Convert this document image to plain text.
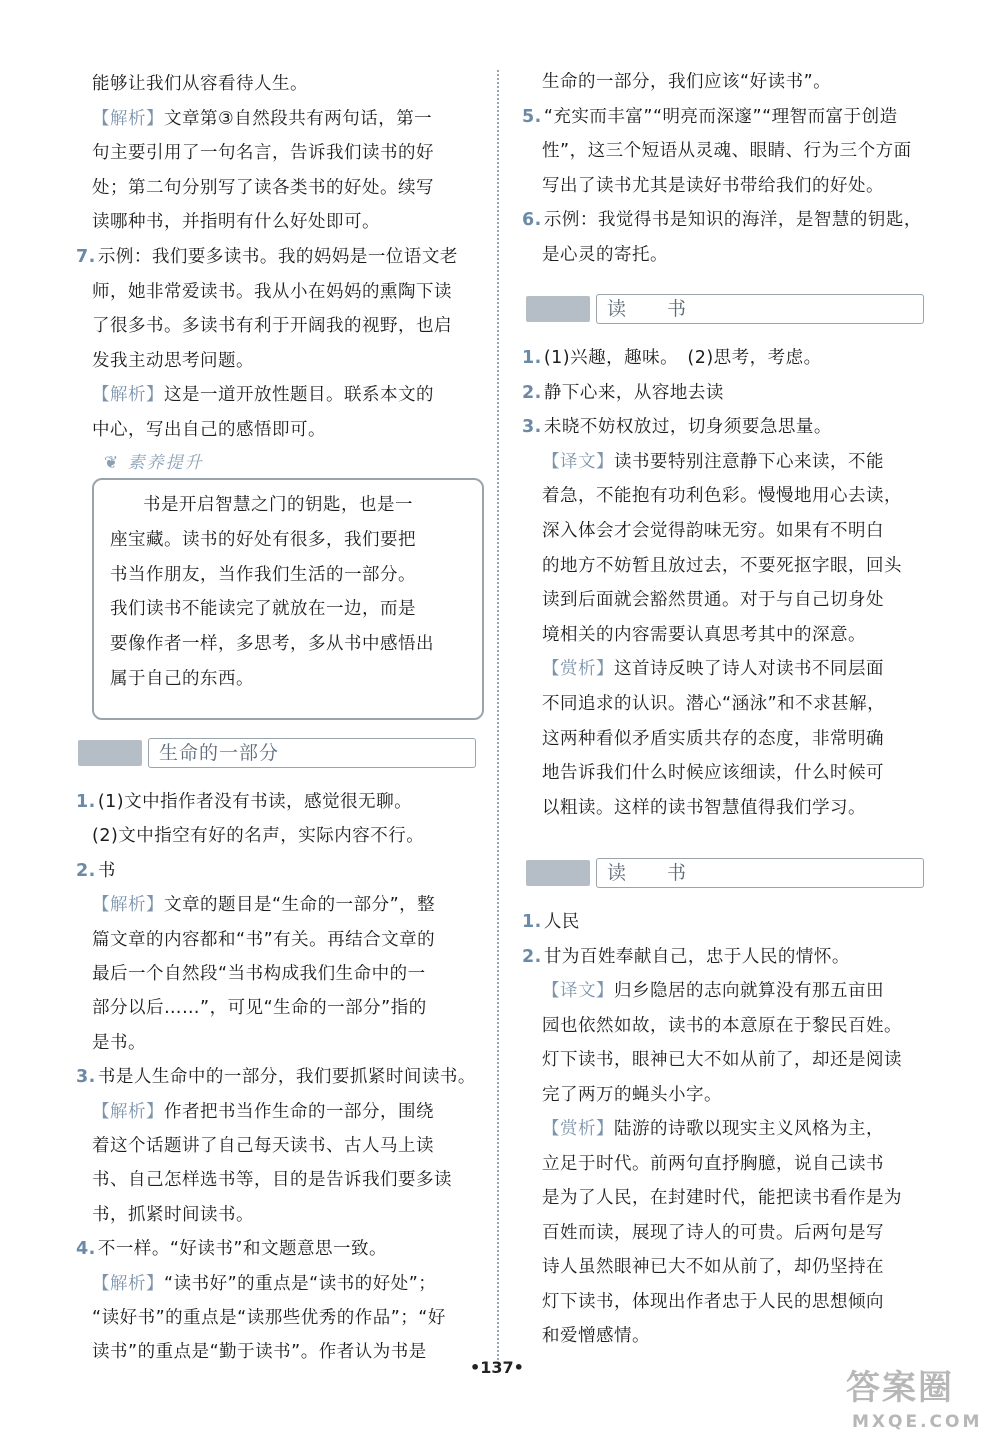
❦ 素养提升
生命的一部分
读　　书
读　　书
•137•
答案圈
MXQE.COM
能够让我们从容看待人生。
【解析】文章第③自然段共有两句话，第一
句主要引用了一句名言，告诉我们读书的好
处；第二句分别写了读各类书的好处。续写
读哪种书，并指明有什么好处即可。
7. 示例：我们要多读书。我的妈妈是一位语文老
师，她非常爱读书。我从小在妈妈的熏陶下读
了很多书。多读书有利于开阔我的视野，也启
发我主动思考问题。
【解析】这是一道开放性题目。联系本文的
中心，写出自己的感悟即可。
书是开启智慧之门的钥匙，也是一
座宝藏。读书的好处有很多，我们要把
书当作朋友，当作我们生活的一部分。
我们读书不能读完了就放在一边，而是
要像作者一样，多思考，多从书中感悟出
属于自己的东西。
1. (1)文中指作者没有书读，感觉很无聊。
(2)文中指空有好的名声，实际内容不行。
2. 书
【解析】文章的题目是“生命的一部分”，整
篇文章的内容都和“书”有关。再结合文章的
最后一个自然段“当书构成我们生命中的一
部分以后……”，可见“生命的一部分”指的
是书。
3. 书是人生命中的一部分，我们要抓紧时间读书。
【解析】作者把书当作生命的一部分，围绕
着这个话题讲了自己每天读书、古人马上读
书、自己怎样选书等，目的是告诉我们要多读
书，抓紧时间读书。
4. 不一样。“好读书”和文题意思一致。
【解析】“读书好”的重点是“读书的好处”；
“读好书”的重点是“读那些优秀的作品”；“好
读书”的重点是“勤于读书”。作者认为书是
生命的一部分，我们应该“好读书”。
5. “充实而丰富”“明亮而深邃”“理智而富于创造
性”，这三个短语从灵魂、眼睛、行为三个方面
写出了读书尤其是读好书带给我们的好处。
6. 示例：我觉得书是知识的海洋，是智慧的钥匙，
是心灵的寄托。
1. (1)兴趣，趣味。　(2)思考，考虑。
2. 静下心来，从容地去读
3. 未晓不妨权放过，切身须要急思量。
【译文】读书要特别注意静下心来读，不能
着急，不能抱有功利色彩。慢慢地用心去读，
深入体会才会觉得韵味无穷。如果有不明白
的地方不妨暂且放过去，不要死抠字眼，回头
读到后面就会豁然贯通。对于与自己切身处
境相关的内容需要认真思考其中的深意。
【赏析】这首诗反映了诗人对读书不同层面
不同追求的认识。潜心“涵泳”和不求甚解，
这两种看似矛盾实质共存的态度，非常明确
地告诉我们什么时候应该细读，什么时候可
以粗读。这样的读书智慧值得我们学习。
1. 人民
2. 甘为百姓奉献自己，忠于人民的情怀。
【译文】归乡隐居的志向就算没有那五亩田
园也依然如故，读书的本意原在于黎民百姓。
灯下读书，眼神已大不如从前了，却还是阅读
完了两万的蝇头小字。
【赏析】陆游的诗歌以现实主义风格为主，
立足于时代。前两句直抒胸臆，说自己读书
是为了人民，在封建时代，能把读书看作是为
百姓而读，展现了诗人的可贵。后两句是写
诗人虽然眼神已大不如从前了，却仍坚持在
灯下读书，体现出作者忠于人民的思想倾向
和爱憎感情。
